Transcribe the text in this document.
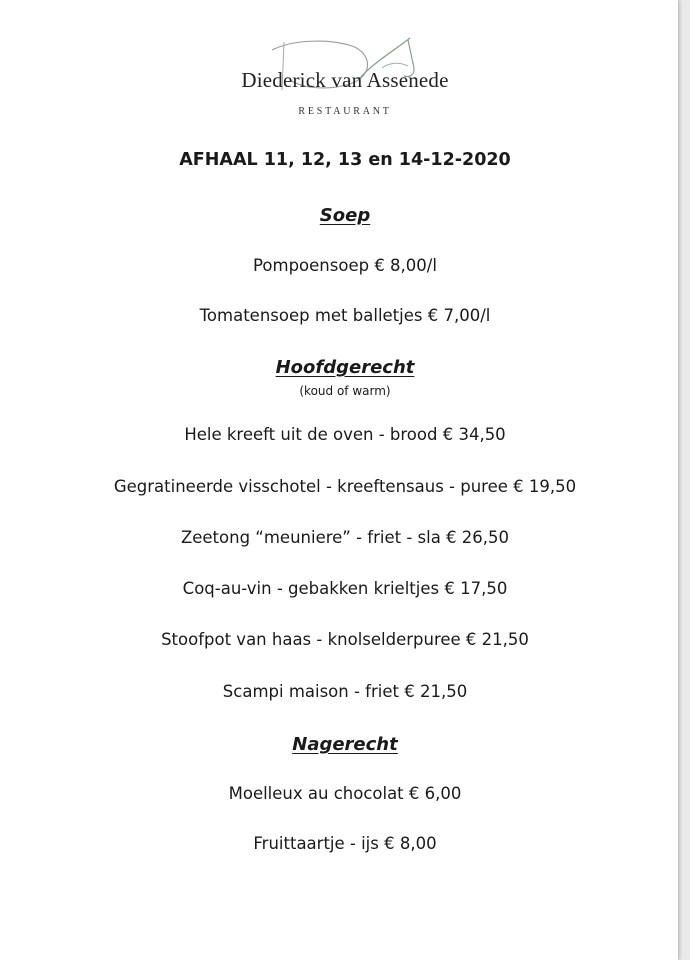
Diederick van Assenede
RESTAURANT
AFHAAL 11, 12, 13 en 14-12-2020
Soep
Pompoensoep € 8,00/l
Tomatensoep met balletjes € 7,00/l
Hoofdgerecht
(koud of warm)
Hele kreeft uit de oven - brood € 34,50
Gegratineerde visschotel - kreeftensaus - puree € 19,50
Zeetong “meuniere” - friet - sla € 26,50
Coq-au-vin - gebakken krieltjes € 17,50
Stoofpot van haas - knolselderpuree € 21,50
Scampi maison - friet € 21,50
Nagerecht
Moelleux au chocolat € 6,00
Fruittaartje - ijs € 8,00
